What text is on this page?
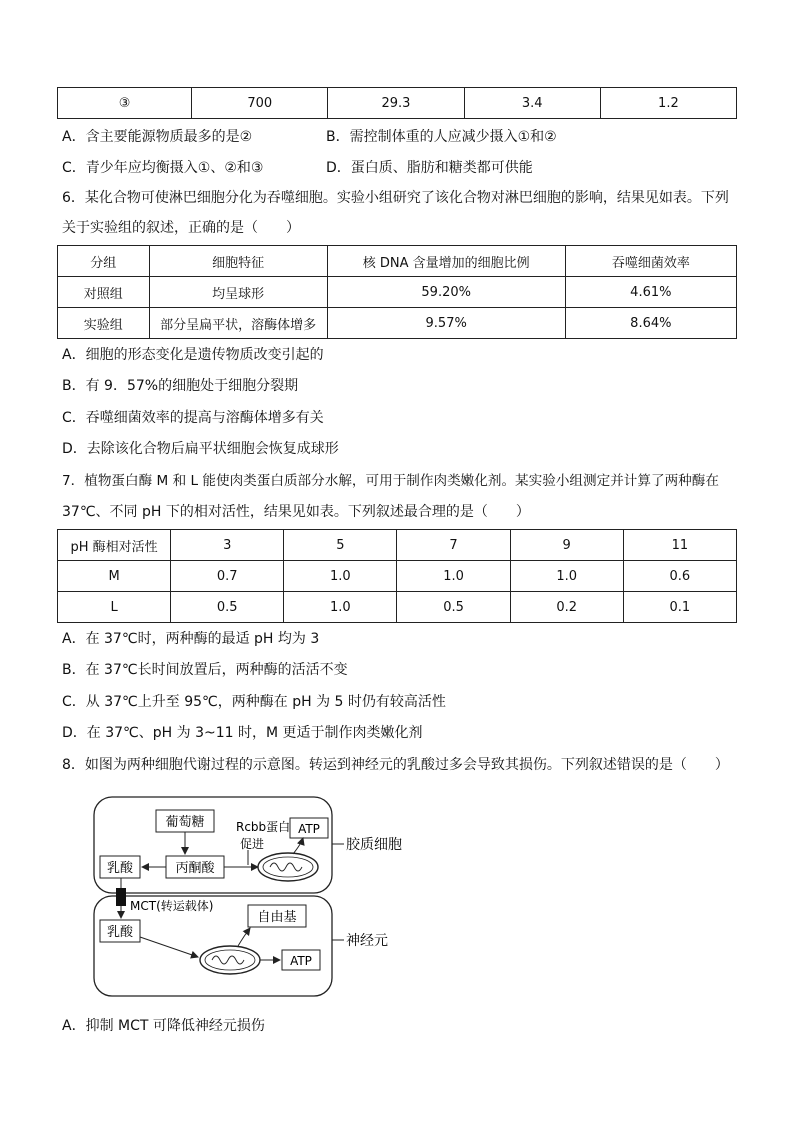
③	700	29.3	3.4	1.2
A．含主要能源物质最多的是②	B．需控制体重的人应减少摄入①和②
C．青少年应均衡摄入①、②和③	D．蛋白质、脂肪和糖类都可供能
6．某化合物可使淋巴细胞分化为吞噬细胞。实验小组研究了该化合物对淋巴细胞的影响，结果见如表。下列
关于实验组的叙述，正确的是（　　）
分组	细胞特征	核 DNA 含量增加的细胞比例	吞噬细菌效率
对照组	均呈球形	59.20%	4.61%
实验组	部分呈扁平状，溶酶体增多	9.57%	8.64%
A．细胞的形态变化是遗传物质改变引起的
B．有 9．57%的细胞处于细胞分裂期
C．吞噬细菌效率的提高与溶酶体增多有关
D．去除该化合物后扁平状细胞会恢复成球形
7．植物蛋白酶 M 和 L 能使肉类蛋白质部分水解，可用于制作肉类嫩化剂。某实验小组测定并计算了两种酶在
37℃、不同 pH 下的相对活性，结果见如表。下列叙述最合理的是（　　）
pH 酶相对活性	3	5	7	9	11
M	0.7	1.0	1.0	1.0	0.6
L	0.5	1.0	0.5	0.2	0.1
A．在 37℃时，两种酶的最适 pH 均为 3
B．在 37℃长时间放置后，两种酶的活活不变
C．从 37℃上升至 95℃，两种酶在 pH 为 5 时仍有较高活性
D．在 37℃、pH 为 3~11 时，M 更适于制作肉类嫩化剂
8．如图为两种细胞代谢过程的示意图。转运到神经元的乳酸过多会导致其损伤。下列叙述错误的是（　　）
葡萄糖	Rcbb蛋白
促进
ATP
胶质细胞
乳酸	丙酮酸
MCT(转运载体)
自由基
乳酸
神经元
ATP
A．抑制 MCT 可降低神经元损伤
